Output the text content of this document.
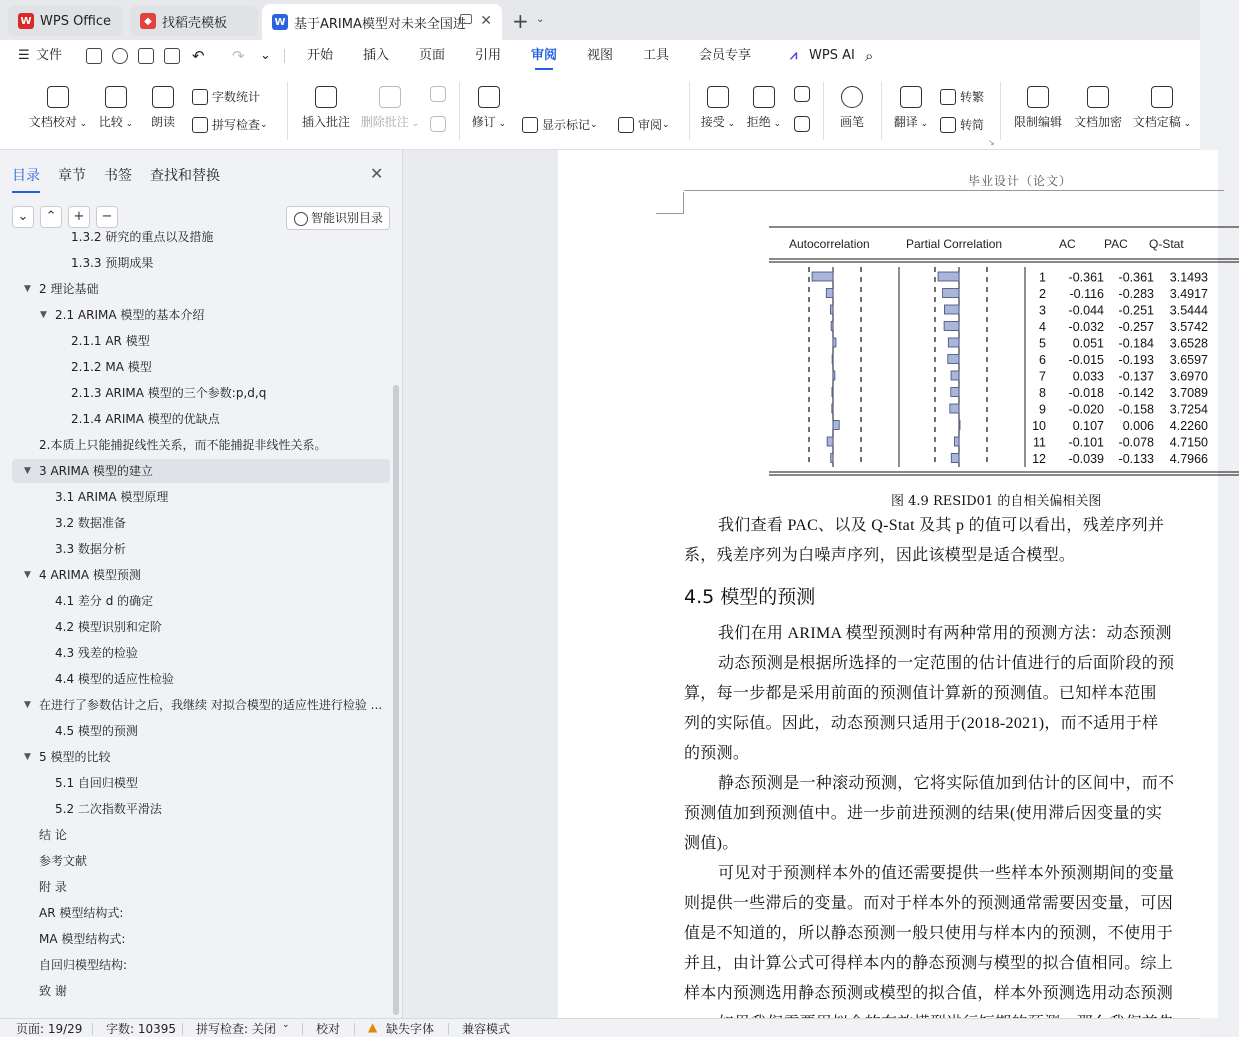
W WPS Office	◆ 找稻壳模板	W 基于ARIMA模型对未来全国进 ✕ + ⌄
☰ 文件	↶ ↷ ⌄	开始 插入 页面 引用 审阅 视图 工具 会员专享	⩘ WPS AI ⌕
文档校对 ⌄ 比较 ⌄	朗读
字数统计
拼写检查 ⌄	插入批注 删除批注 ⌄	修订 ⌄
⌄	显示标记 ⌄	审阅 ⌄	接受 ⌄ 拒绝 ⌄	画笔	翻译 ⌄
转繁
转简
↘
限制编辑 文档加密 文档定稿 ⌄
目录 章节 书签 查找和替换	✕
⌄	⌃	+	−	智能识别目录
1.3.2 研究的重点以及措施
1.3.3 预期成果
▼ 2 理论基础
▼ 2.1 ARIMA 模型的基本介绍
2.1.1 AR 模型
2.1.2 MA 模型
2.1.3 ARIMA 模型的三个参数:p,d,q
2.1.4 ARIMA 模型的优缺点
2.本质上只能捕捉线性关系，而不能捕捉非线性关系。
▼ 3 ARIMA 模型的建立
3.1 ARIMA 模型原理
3.2 数据准备
3.3 数据分析
▼ 4 ARIMA 模型预测
4.1 差分 d 的确定
4.2 模型识别和定阶
4.3 残差的检验
4.4 模型的适应性检验
▼ 在进行了参数估计之后，我继续 对拟合模型的适应性进行检验 ...
4.5 模型的预测
▼ 5 模型的比较
5.1 自回归模型
5.2 二次指数平滑法
结 论
参考文献
附 录
AR 模型结构式:
MA 模型结构式:
自回归模型结构:
致 谢
毕业设计（论文）
Autocorrelation	Partial Correlation	AC PAC Q-Stat
1 -0.361 -0.361 3.1493
2 -0.116 -0.283 3.4917
3 -0.044 -0.251 3.5444
4 -0.032 -0.257 3.5742
5 0.051 -0.184 3.6528
6 -0.015 -0.193 3.6597
7 0.033 -0.137 3.6970
8 -0.018 -0.142 3.7089
9 -0.020 -0.158 3.7254
10 0.107 0.006 4.2260
11 -0.101 -0.078 4.7150
12 -0.039 -0.133 4.7966
图 4.9 RESID01 的自相关偏相关图
我们查看 PAC、以及 Q-Stat 及其 p 的值可以看出，残差序列并
系，残差序列为白噪声序列，因此该模型是适合模型。
4.5 模型的预测
我们在用 ARIMA 模型预测时有两种常用的预测方法：动态预测
动态预测是根据所选择的一定范围的估计值进行的后面阶段的预
算，每一步都是采用前面的预测值计算新的预测值。已知样本范围
列的实际值。因此，动态预测只适用于(2018-2021)，而不适用于样
的预测。
静态预测是一种滚动预测，它将实际值加到估计的区间中，而不
预测值加到预测值中。进一步前进预测的结果(使用滞后因变量的实
测值)。
可见对于预测样本外的值还需要提供一些样本外预测期间的变量
则提供一些滞后的变量。而对于样本外的预测通常需要因变量，可因
值是不知道的，所以静态预测一般只使用与样本内的预测，不使用于
并且，由计算公式可得样本内的静态预测与模型的拟合值相同。综上
样本内预测选用静态预测或模型的拟合值，样本外预测选用动态预测
页面: 19/29 字数: 10395 拼写检查: 关闭 ⌄ 校对 ▲ 缺失字体 兼容模式
